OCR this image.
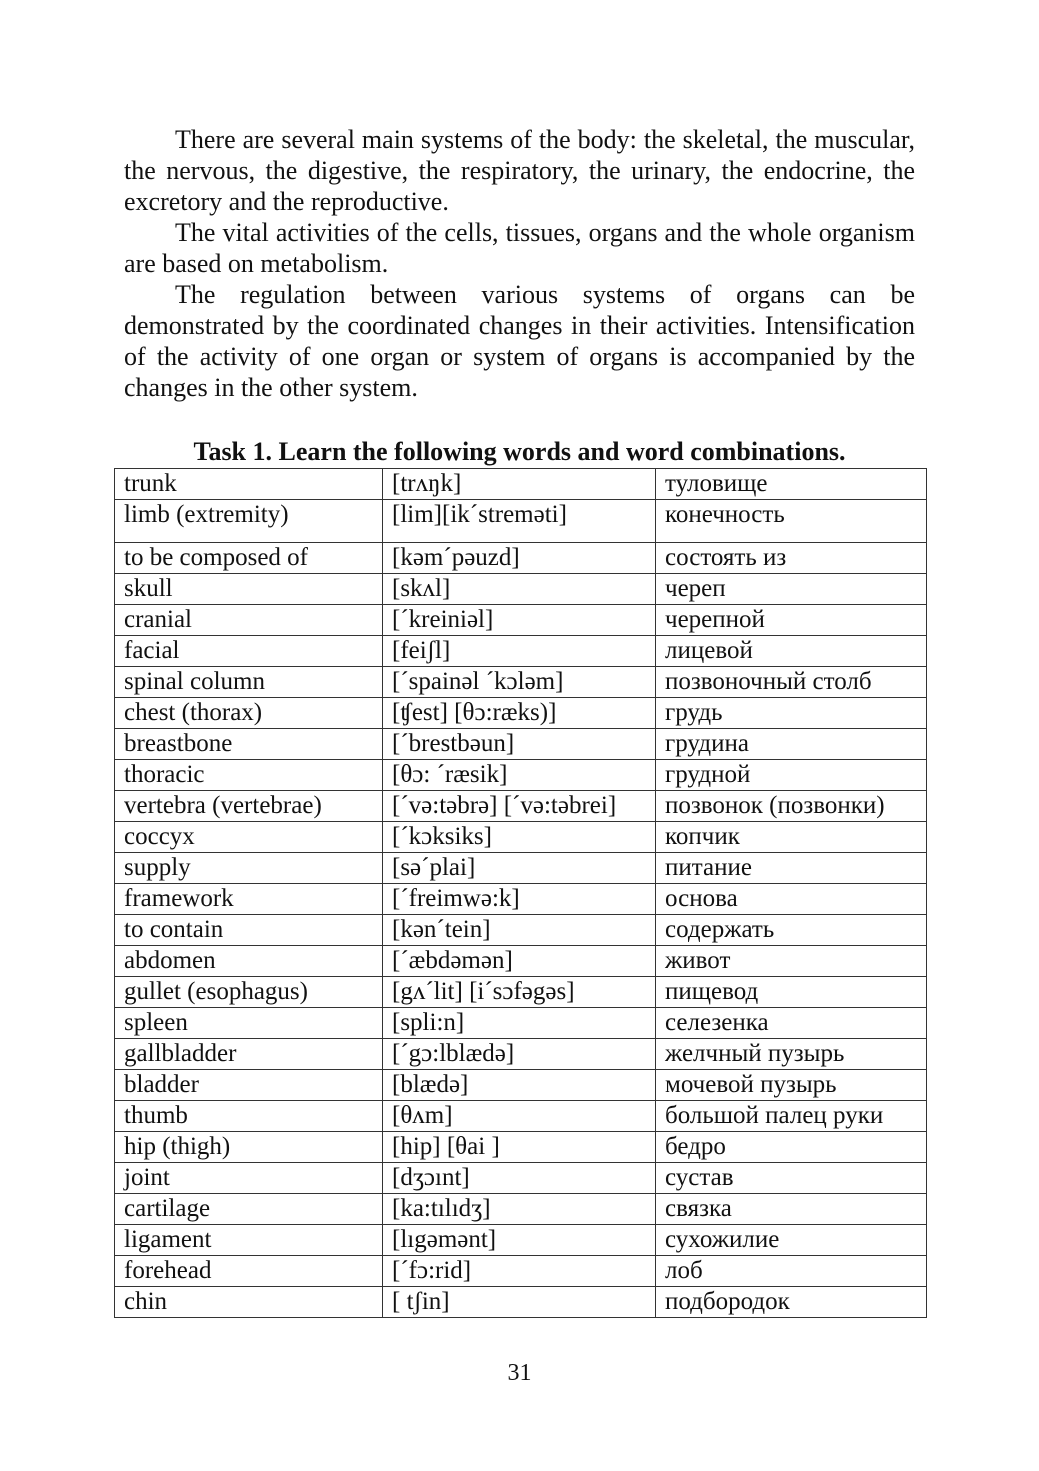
There are several main systems of the body: the skeletal, the muscular, the nervous, the digestive, the respiratory, the urinary, the endocrine, the excretory and the reproductive.

The vital activities of the cells, tissues, organs and the whole organism are based on metabolism.

The regulation between various systems of organs can be demonstrated by the coordinated changes in their activities. Intensification of the activity of one organ or system of organs is accompanied by the changes in the other system.

Task 1. Learn the following words and word combinations.
trunk	[trʌŋk]	туловище
limb (extremity)	[lim][ik´streməti]	конечность
to be composed of	[kəm´pəuzd]	состоять из
skull	[skʌl]	череп
cranial	[´kreiniəl]	черепной
facial	[feiʃl]	лицевой
spinal column	[´spainəl ´kɔləm]	позвоночный столб
chest (thorax)	[ʧest] [θɔ:ræks)]	грудь
breastbone	[´brestbəun]	грудина
thoracic	[θɔ: ´ræsik]	грудной
vertebra (vertebrae)	[´və:təbrə] [´və:təbrei]	позвонок (позвонки)
coccyx	[´kɔksiks]	копчик
supply	[sə´plai]	питание
framework	[´freimwə:k]	основа
to contain	[kən´tein]	содержать
abdomen	[´æbdəmən]	живот
gullet (esophagus)	[gʌ´lit] [i´sɔfəgəs]	пищевод
spleen	[spli:n]	селезенка
gallbladder	[´gɔ:lblædə]	желчный пузырь
bladder	[blædə]	мочевой пузырь
thumb	[θʌm]	большой палец руки
hip (thigh)	[hip] [θai ]	бедро
joint	[dʒɔınt]	сустав
cartilage	[ka:tılıdʒ]	связка
ligament	[lıgəmənt]	сухожилие
forehead	[´fɔ:rid]	лоб
chin	[ tʃin]	подбородок
31
